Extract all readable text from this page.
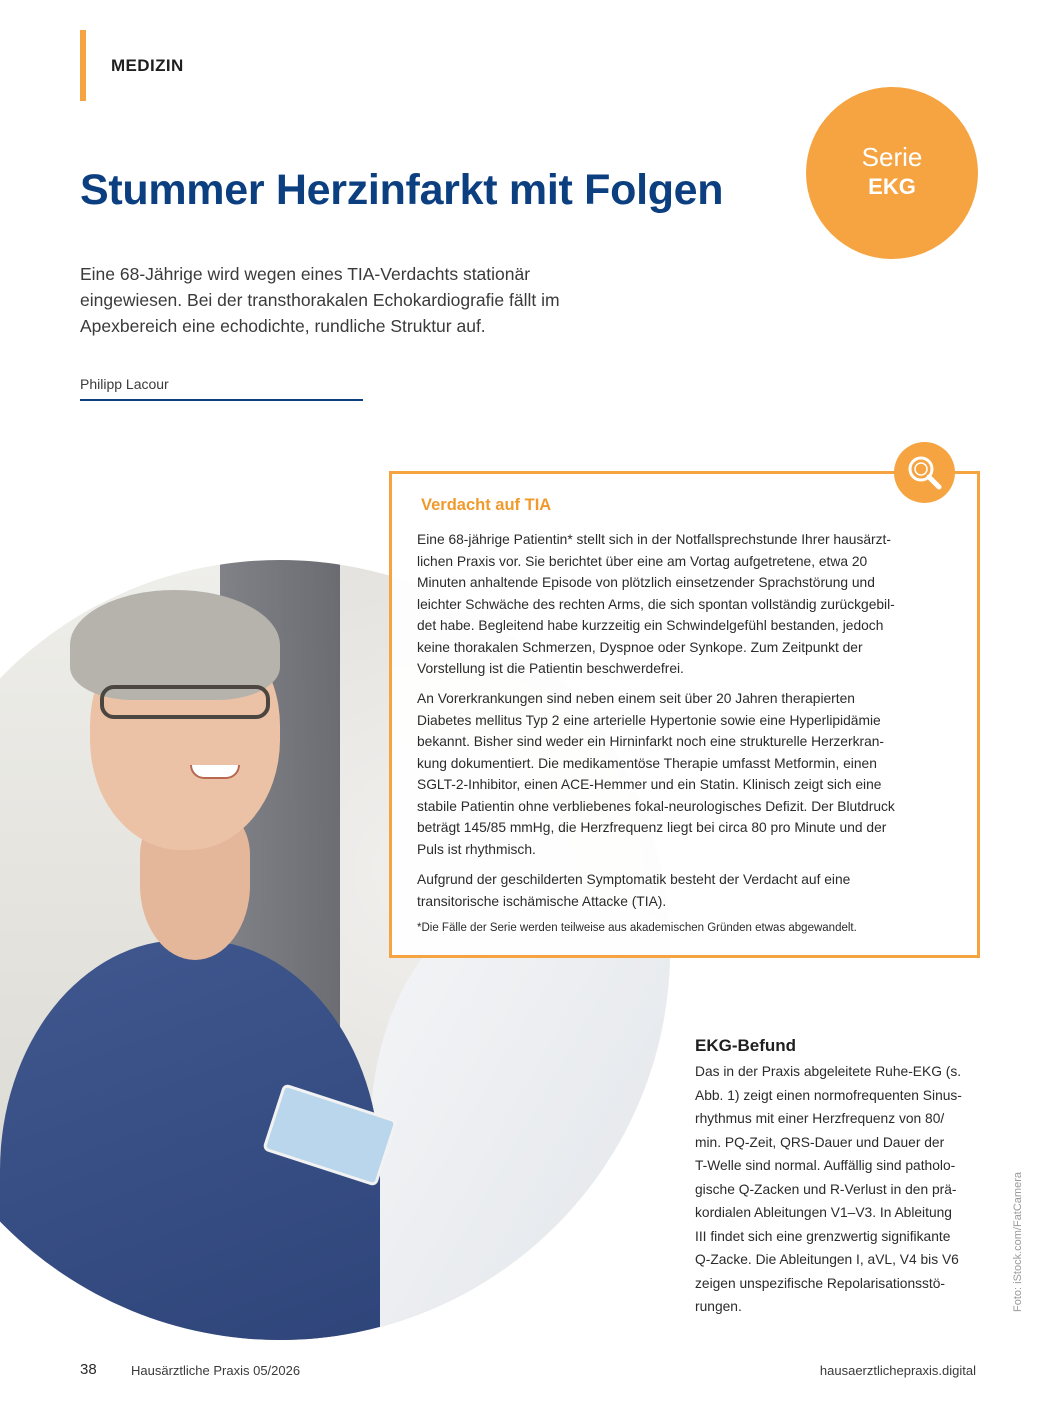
MEDIZIN
Stummer Herzinfarkt mit Folgen
Serie
EKG
Eine 68-Jährige wird wegen eines TIA-Verdachts stationär
eingewiesen. Bei der transthorakalen Echokardiografie fällt im
Apexbereich eine echodichte, rundliche Struktur auf.
Philipp Lacour
Verdacht auf TIA
Eine 68-jährige Patientin* stellt sich in der Notfallsprechstunde Ihrer hausärzt-
lichen Praxis vor. Sie berichtet über eine am Vortag aufgetretene, etwa 20
Minuten anhaltende Episode von plötzlich einsetzender Sprachstörung und
leichter Schwäche des rechten Arms, die sich spontan vollständig zurückgebil-
det habe. Begleitend habe kurzzeitig ein Schwindelgefühl bestanden, jedoch
keine thorakalen Schmerzen, Dyspnoe oder Synkope. Zum Zeitpunkt der
Vorstellung ist die Patientin beschwerdefrei.
An Vorerkrankungen sind neben einem seit über 20 Jahren therapierten
Diabetes mellitus Typ 2 eine arterielle Hypertonie sowie eine Hyperlipidämie
bekannt. Bisher sind weder ein Hirninfarkt noch eine strukturelle Herzerkran-
kung dokumentiert. Die medikamentöse Therapie umfasst Metformin, einen
SGLT-2-Inhibitor, einen ACE-Hemmer und ein Statin. Klinisch zeigt sich eine
stabile Patientin ohne verbliebenes fokal-neurologisches Defizit. Der Blutdruck
beträgt 145/85 mmHg, die Herzfrequenz liegt bei circa 80 pro Minute und der
Puls ist rhythmisch.
Aufgrund der geschilderten Symptomatik besteht der Verdacht auf eine
transitorische ischämische Attacke (TIA).
*Die Fälle der Serie werden teilweise aus akademischen Gründen etwas abgewandelt.
EKG-Befund
Das in der Praxis abgeleitete Ruhe-EKG (s.
Abb. 1) zeigt einen normofrequenten Sinus-
rhythmus mit einer Herzfrequenz von 80/
min. PQ-Zeit, QRS-Dauer und Dauer der
T-Welle sind normal. Auffällig sind patholo-
gische Q-Zacken und R-Verlust in den prä-
kordialen Ableitungen V1–V3. In Ableitung
III findet sich eine grenzwertig signifikante
Q-Zacke. Die Ableitungen I, aVL, V4 bis V6
zeigen unspezifische Repolarisationsstö-
rungen.	Foto: iStock.com/FatCamera
38	Hausärztliche Praxis 05/2026	hausaerztlichepraxis.digital
